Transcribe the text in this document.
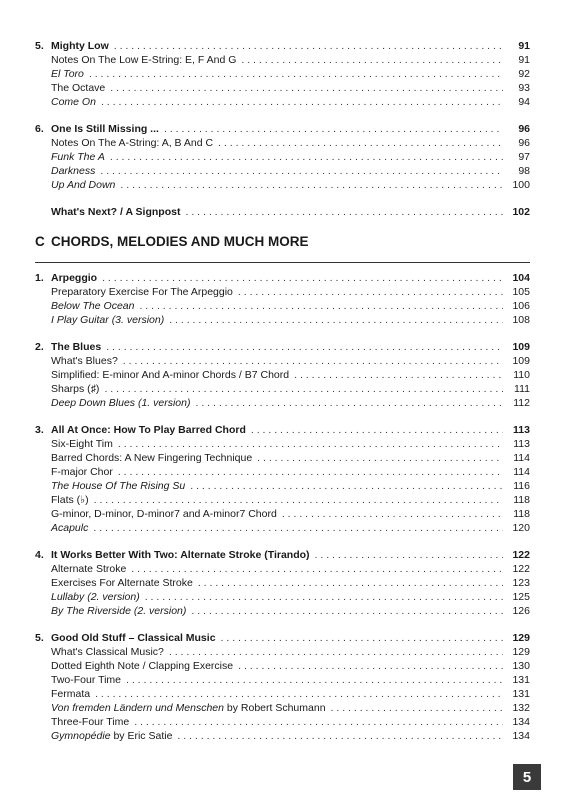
5. Mighty Low . . .	91
Notes On The Low E-String: E, F And G . . .	91
El Toro . . .	92
The Octave . . .	93
Come On . . .	94
6. One Is Still Missing ... . . .	96
Notes On The A-String: A, B And C . . .	96
Funk The A . . .	97
Darkness . . .	98
Up And Down . . .	100
What's Next? / A Signpost . . .	102
C CHORDS, MELODIES AND MUCH MORE
1. Arpeggio . . .	104
Preparatory Exercise For The Arpeggio . . .	105
Below The Ocean . . .	106
I Play Guitar (3. version) . . .	108
2. The Blues . . .	109
What's Blues? . . .	109
Simplified: E-minor And A-minor Chords / B7 Chord . . .	110
Sharps (♯) . . .	111
Deep Down Blues (1. version) . . .	112
3. All At Once: How To Play Barred Chord . . .	113
Six-Eight Tim . . .	113
Barred Chords: A New Fingering Technique . . .	114
F-major Chor . . .	114
The House Of The Rising Su . . .	116
Flats (♭) . . .	118
G-minor, D-minor, D-minor7 and A-minor7 Chord . . .	118
Acapulc . . .	120
4. It Works Better With Two: Alternate Stroke (Tirando) . . .	122
Alternate Stroke . . .	122
Exercises For Alternate Stroke . . .	123
Lullaby (2. version) . . .	125
By The Riverside (2. version) . . .	126
5. Good Old Stuff – Classical Music . . .	129
What's Classical Music? . . .	129
Dotted Eighth Note / Clapping Exercise . . .	130
Two-Four Time . . .	131
Fermata . . .	131
Von fremden Ländern und Menschen by Robert Schumann . . .	132
Three-Four Time . . .	134
Gymnopédie by Eric Satie . . .	134
5
